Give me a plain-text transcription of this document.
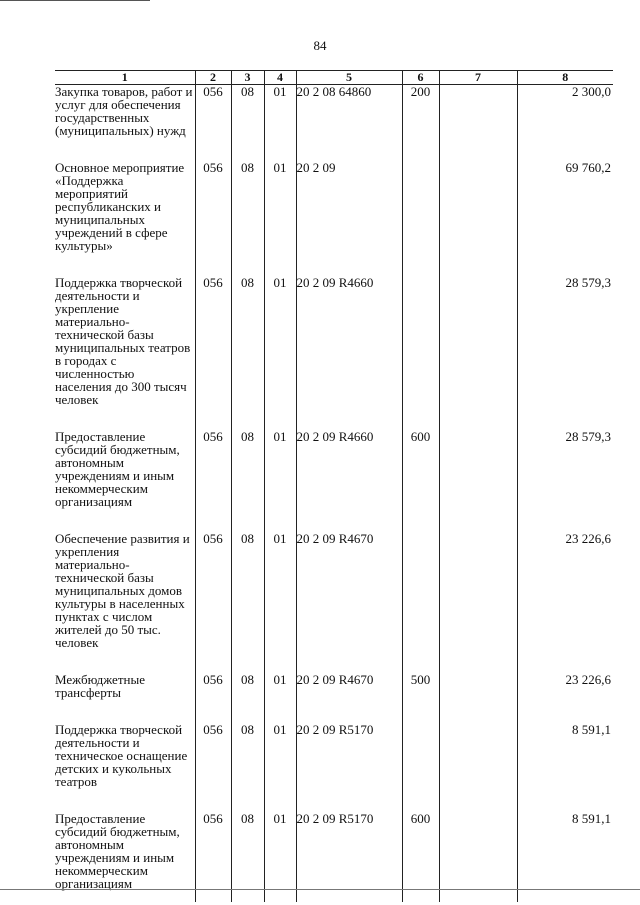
84
1	2	3	4	5	6	7	8
Закупка товаров, работ и услуг для обеспечения государственных (муниципальных) нужд	056	08	01	20 2 08 64860	200		2 300,0

Основное мероприятие «Поддержка мероприятий республиканских и муниципальных учреждений в сфере культуры»	056	08	01	20 2 09			69 760,2

Поддержка творческой деятельности и укрепление материально-технической базы муниципальных театров в городах с численностью населения до 300 тысяч человек	056	08	01	20 2 09 R4660			28 579,3

Предоставление субсидий бюджетным, автономным учреждениям и иным некоммерческим организациям	056	08	01	20 2 09 R4660	600		28 579,3

Обеспечение развития и укрепления материально-технической базы муниципальных домов культуры в населенных пунктах с числом жителей до 50 тыс. человек	056	08	01	20 2 09 R4670			23 226,6

Межбюджетные трансферты	056	08	01	20 2 09 R4670	500		23 226,6

Поддержка творческой деятельности и техническое оснащение детских и кукольных театров	056	08	01	20 2 09 R5170			8 591,1

Предоставление субсидий бюджетным, автономным учреждениям и иным некоммерческим организациям	056	08	01	20 2 09 R5170	600		8 591,1
